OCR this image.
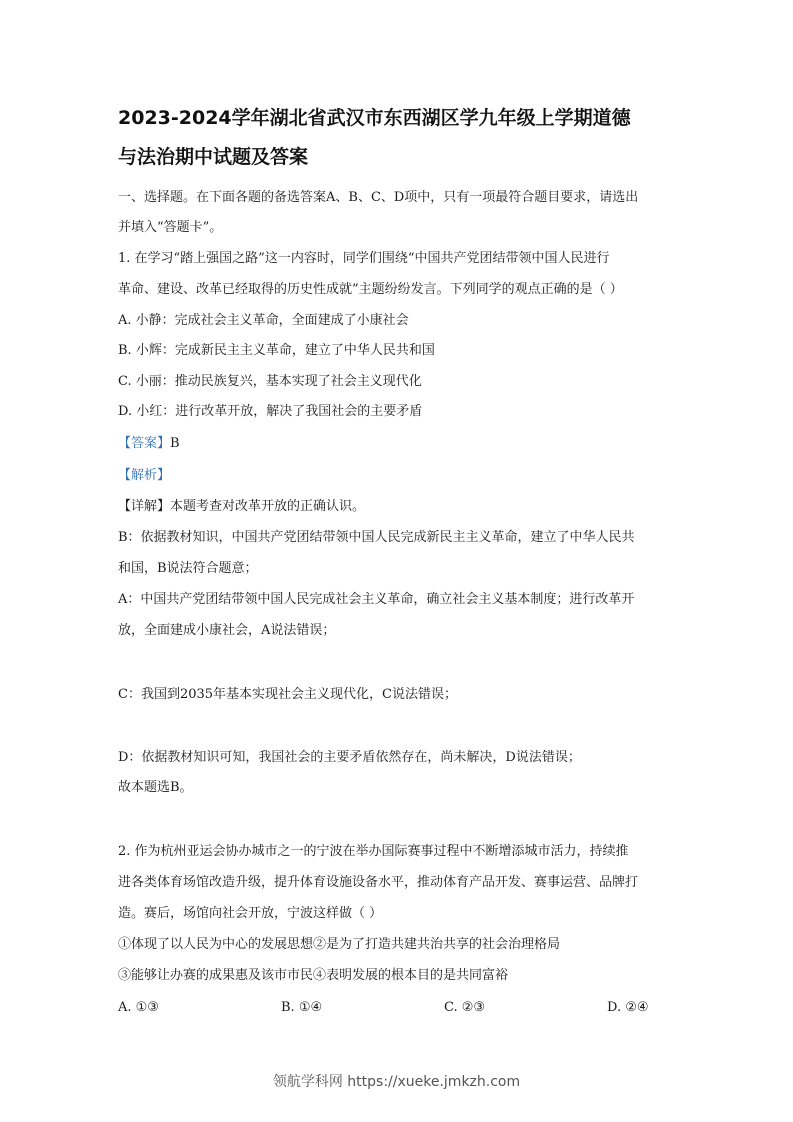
2023-2024学年湖北省武汉市东西湖区学九年级上学期道德
与法治期中试题及答案
一、选择题。在下面各题的备选答案A、B、C、D项中，只有一项最符合题目要求，请选出
并填入“答题卡”。
1. 在学习“踏上强国之路”这一内容时，同学们围绕“中国共产党团结带领中国人民进行
革命、建设、改革已经取得的历史性成就”主题纷纷发言。下列同学的观点正确的是（ ）
A. 小静：完成社会主义革命，全面建成了小康社会
B. 小辉：完成新民主主义革命，建立了中华人民共和国
C. 小丽：推动民族复兴，基本实现了社会主义现代化
D. 小红：进行改革开放，解决了我国社会的主要矛盾
【答案】B
【解析】
【详解】本题考查对改革开放的正确认识。
B：依据教材知识，中国共产党团结带领中国人民完成新民主主义革命，建立了中华人民共
和国，B说法符合题意；
A：中国共产党团结带领中国人民完成社会主义革命，确立社会主义基本制度；进行改革开
放，全面建成小康社会，A说法错误；
C：我国到2035年基本实现社会主义现代化，C说法错误；
D：依据教材知识可知，我国社会的主要矛盾依然存在，尚未解决，D说法错误；
故本题选B。
2. 作为杭州亚运会协办城市之一的宁波在举办国际赛事过程中不断增添城市活力，持续推
进各类体育场馆改造升级，提升体育设施设备水平，推动体育产品开发、赛事运营、品牌打
造。赛后，场馆向社会开放，宁波这样做（ ）
①体现了以人民为中心的发展思想②是为了打造共建共治共享的社会治理格局
③能够让办赛的成果惠及该市市民④表明发展的根本目的是共同富裕
A. ①③	B. ①④	C. ②③	D. ②④
领航学科网 https://xueke.jmkzh.com
